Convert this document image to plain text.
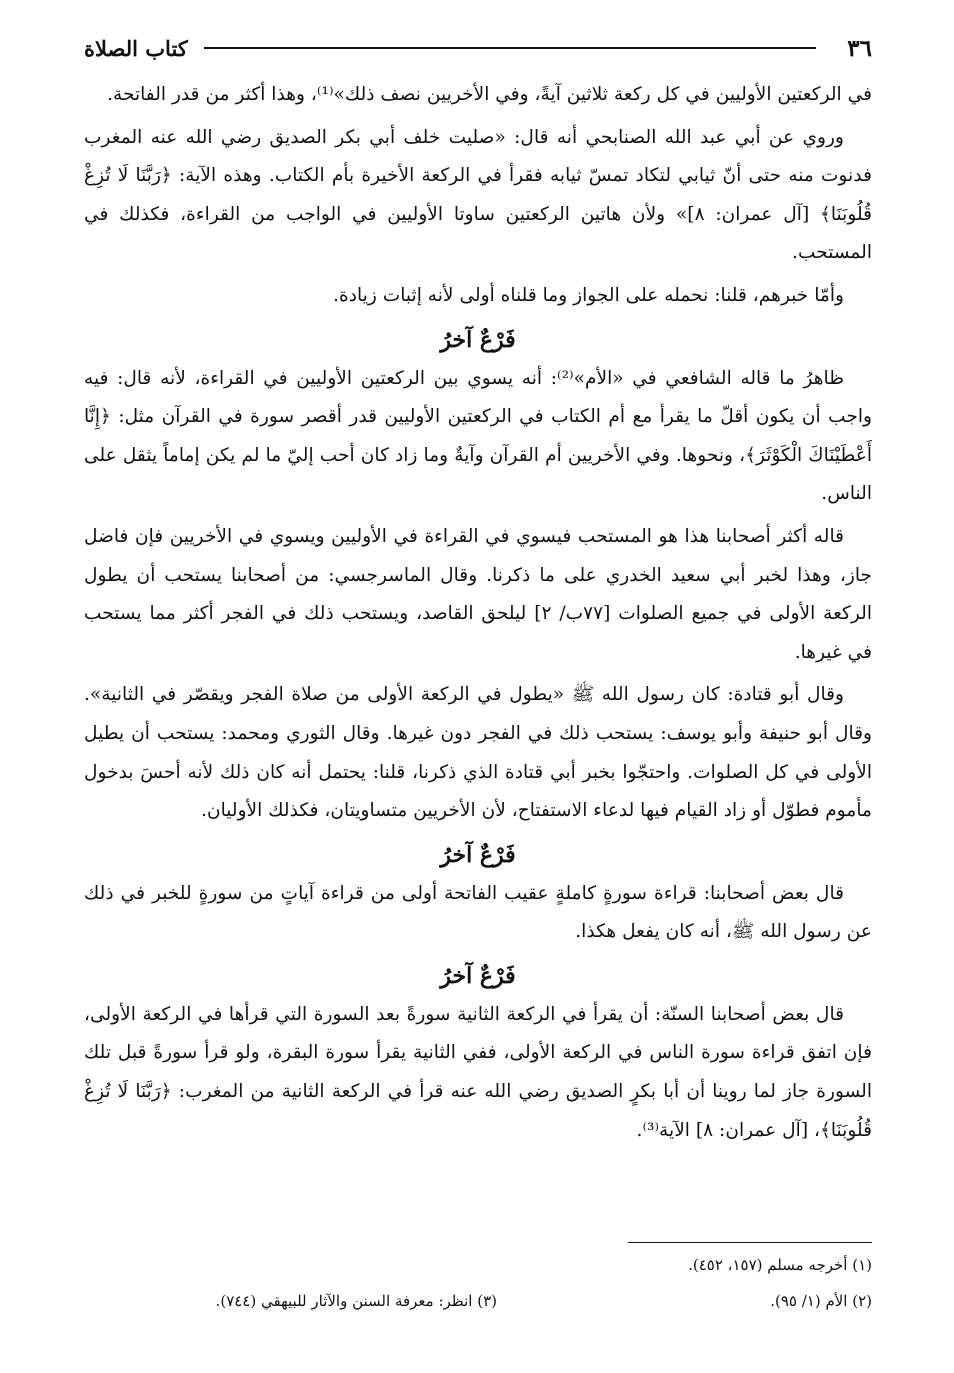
٣٦
كتاب الصلاة

في الركعتين الأوليين في كل ركعة ثلاثين آيةً، وفي الأخريين نصف ذلك»⁽¹⁾، وهذا أكثر من قدر الفاتحة.

وروي عن أبي عبد الله الصنابحي أنه قال: «صليت خلف أبي بكر الصديق رضي الله عنه المغرب فدنوت منه حتى أنّ ثيابي لتكاد تمسّ ثيابه فقرأ في الركعة الأخيرة بأم الكتاب. وهذه الآية: ﴿رَبَّنَا لَا تُزِغْ قُلُوبَنَا﴾ [آل عمران: ٨]» ولأن هاتين الركعتين ساوتا الأوليين في الواجب من القراءة، فكذلك في المستحب.

وأمّا خبرهم، قلنا: نحمله على الجواز وما قلناه أولى لأنه إثبات زيادة.

فَرْعٌ آخرُ

ظاهرُ ما قاله الشافعي في «الأم»⁽²⁾: أنه يسوي بين الركعتين الأوليين في القراءة، لأنه قال: فيه واجب أن يكون أقلّ ما يقرأ مع أم الكتاب في الركعتين الأوليين قدر أقصر سورة في القرآن مثل: ﴿إِنَّا أَعْطَيْنَاكَ الْكَوْثَرَ﴾، ونحوها. وفي الأخريين أم القرآن وآيةٌ وما زاد كان أحب إليّ ما لم يكن إماماً يثقل على الناس.

قاله أكثر أصحابنا هذا هو المستحب فيسوي في القراءة في الأوليين ويسوي في الأخريين فإن فاضل جاز، وهذا لخبر أبي سعيد الخدري على ما ذكرنا. وقال الماسرجسي: من أصحابنا يستحب أن يطول الركعة الأولى في جميع الصلوات [٧٧ب/ ٢] ليلحق القاصد، ويستحب ذلك في الفجر أكثر مما يستحب في غيرها.

وقال أبو قتادة: كان رسول الله ﷺ «يطول في الركعة الأولى من صلاة الفجر ويقصّر في الثانية». وقال أبو حنيفة وأبو يوسف: يستحب ذلك في الفجر دون غيرها. وقال الثوري ومحمد: يستحب أن يطيل الأولى في كل الصلوات. واحتجّوا بخبر أبي قتادة الذي ذكرنا، قلنا: يحتمل أنه كان ذلك لأنه أحسَ بدخول مأموم فطوّل أو زاد القيام فيها لدعاء الاستفتاح، لأن الأخريين متساويتان، فكذلك الأوليان.

فَرْعٌ آخرُ

قال بعض أصحابنا: قراءة سورةٍ كاملةٍ عقيب الفاتحة أولى من قراءة آياتٍ من سورةٍ للخبر في ذلك عن رسول الله ﷺ، أنه كان يفعل هكذا.

فَرْعٌ آخرُ

قال بعض أصحابنا السنّة: أن يقرأ في الركعة الثانية سورةً بعد السورة التي قرأها في الركعة الأولى، فإن اتفق قراءة سورة الناس في الركعة الأولى، ففي الثانية يقرأ سورة البقرة، ولو قرأ سورةً قبل تلك السورة جاز لما روينا أن أبا بكرٍ الصديق رضي الله عنه قرأ في الركعة الثانية من المغرب: ﴿رَبَّنَا لَا تُزِغْ قُلُوبَنَا﴾، [آل عمران: ٨] الآية⁽³⁾.

(١) أخرجه مسلم (١٥٧، ٤٥٢).
(٢) الأم (١/ ٩٥).
(٣) انظر: معرفة السنن والآثار للبيهقي (٧٤٤).
